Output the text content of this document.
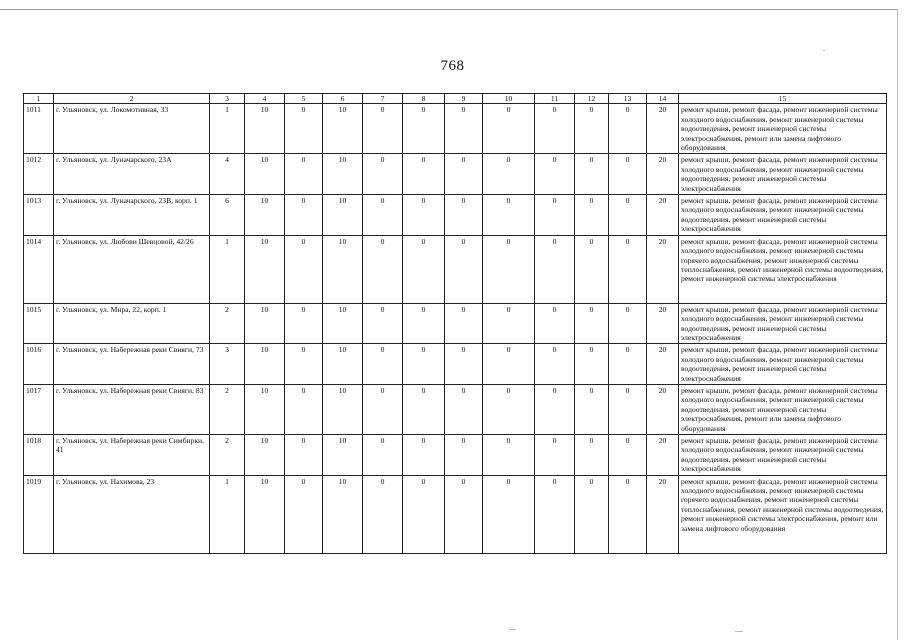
768
1	2	3	4	5	6	7	8	9	10	11	12	13	14	15
1011	г. Ульяновск, ул. Локомотивная, 33	1	10	0	10	0	0	0	0	0	0	0	20	ремонт крыши, ремонт фасада, ремонт инженерной системы холодного водоснабжения, ремонт инженерной системы водоотведения, ремонт инженерной системы электроснабжения, ремонт или замена лифтового оборудования
1012	г. Ульяновск, ул. Луначарского, 23А	4	10	0	10	0	0	0	0	0	0	0	20	ремонт крыши, ремонт фасада, ремонт инженерной системы холодного водоснабжения, ремонт инженерной системы водоотведения, ремонт инженерной системы электроснабжения
1013	г. Ульяновск, ул. Луначарского, 23В, корп. 1	6	10	0	10	0	0	0	0	0	0	0	20	ремонт крыши, ремонт фасада, ремонт инженерной системы холодного водоснабжения, ремонт инженерной системы водоотведения, ремонт инженерной системы электроснабжения
1014	г. Ульяновск, ул. Любови Шевцовой, 42/26	1	10	0	10	0	0	0	0	0	0	0	20	ремонт крыши, ремонт фасада, ремонт инженерной системы холодного водоснабжения, ремонт инженерной системы горячего водоснабжения, ремонт инженерной системы теплоснабжения, ремонт инженерной системы водоотведения, ремонт инженерной системы электроснабжения
1015	г. Ульяновск, ул. Мира, 22, корп. 1	2	10	0	10	0	0	0	0	0	0	0	20	ремонт крыши, ремонт фасада, ремонт инженерной системы холодного водоснабжения, ремонт инженерной системы водоотведения, ремонт инженерной системы электроснабжения
1016	г. Ульяновск, ул. Набережная реки Свияги, 73	3	10	0	10	0	0	0	0	0	0	0	20	ремонт крыши, ремонт фасада, ремонт инженерной системы холодного водоснабжения, ремонт инженерной системы водоотведения, ремонт инженерной системы электроснабжения
1017	г. Ульяновск, ул. Набережная реки Свияги, 83	2	10	0	10	0	0	0	0	0	0	0	20	ремонт крыши, ремонт фасада, ремонт инженерной системы холодного водоснабжения, ремонт инженерной системы водоотведения, ремонт инженерной системы электроснабжения, ремонт или замена лифтового оборудования
1018	г. Ульяновск, ул. Набережная реки Симбирки, 41	2	10	0	10	0	0	0	0	0	0	0	20	ремонт крыши, ремонт фасада, ремонт инженерной системы холодного водоснабжения, ремонт инженерной системы водоотведения, ремонт инженерной системы электроснабжения
1019	г. Ульяновск, ул. Нахимова, 23	1	10	0	10	0	0	0	0	0	0	0	20	ремонт крыши, ремонт фасада, ремонт инженерной системы холодного водоснабжения, ремонт инженерной системы горячего водоснабжения, ремонт инженерной системы теплоснабжения, ремонт инженерной системы водоотведения, ремонт инженерной системы электроснабжения, ремонт или замена лифтового оборудования
